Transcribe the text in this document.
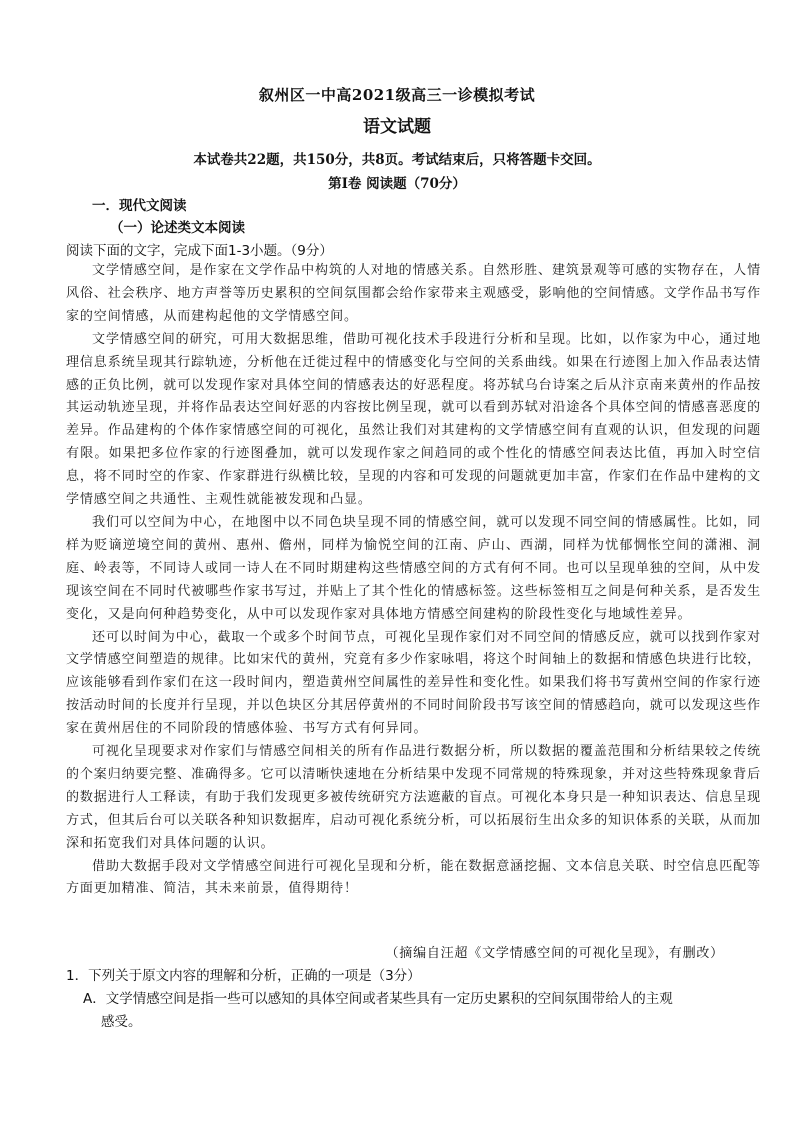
叙州区一中高2021级高三一诊模拟考试
语文试题

本试卷共22题，共150分，共8页。考试结束后，只将答题卡交回。

第Ⅰ卷 阅读题（70分）

一．现代文阅读

（一）论述类文本阅读

阅读下面的文字，完成下面1-3小题。（9分）

文学情感空间，是作家在文学作品中构筑的人对地的情感关系。自然形胜、建筑景观等可感的实物存在，人情风俗、社会秩序、地方声誉等历史累积的空间氛围都会给作家带来主观感受，影响他的空间情感。文学作品书写作家的空间情感，从而建构起他的文学情感空间。

文学情感空间的研究，可用大数据思维，借助可视化技术手段进行分析和呈现。比如，以作家为中心，通过地理信息系统呈现其行踪轨迹，分析他在迁徙过程中的情感变化与空间的关系曲线。如果在行迹图上加入作品表达情感的正负比例，就可以发现作家对具体空间的情感表达的好恶程度。将苏轼乌台诗案之后从汴京南来黄州的作品按其运动轨迹呈现，并将作品表达空间好恶的内容按比例呈现，就可以看到苏轼对沿途各个具体空间的情感喜恶度的差异。作品建构的个体作家情感空间的可视化，虽然让我们对其建构的文学情感空间有直观的认识，但发现的问题有限。如果把多位作家的行迹图叠加，就可以发现作家之间趋同的或个性化的情感空间表达比值，再加入时空信息，将不同时空的作家、作家群进行纵横比较，呈现的内容和可发现的问题就更加丰富，作家们在作品中建构的文学情感空间之共通性、主观性就能被发现和凸显。

我们可以空间为中心，在地图中以不同色块呈现不同的情感空间，就可以发现不同空间的情感属性。比如，同样为贬谪逆境空间的黄州、惠州、儋州，同样为愉悦空间的江南、庐山、西湖，同样为忧郁惆怅空间的潇湘、洞庭、岭表等，不同诗人或同一诗人在不同时期建构这些情感空间的方式有何不同。也可以呈现单独的空间，从中发现该空间在不同时代被哪些作家书写过，并贴上了其个性化的情感标签。这些标签相互之间是何种关系，是否发生变化，又是向何种趋势变化，从中可以发现作家对具体地方情感空间建构的阶段性变化与地域性差异。

还可以时间为中心，截取一个或多个时间节点，可视化呈现作家们对不同空间的情感反应，就可以找到作家对文学情感空间塑造的规律。比如宋代的黄州，究竟有多少作家咏唱，将这个时间轴上的数据和情感色块进行比较，应该能够看到作家们在这一段时间内，塑造黄州空间属性的差异性和变化性。如果我们将书写黄州空间的作家行迹按活动时间的长度并行呈现，并以色块区分其居停黄州的不同时间阶段书写该空间的情感趋向，就可以发现这些作家在黄州居住的不同阶段的情感体验、书写方式有何异同。

可视化呈现要求对作家们与情感空间相关的所有作品进行数据分析，所以数据的覆盖范围和分析结果较之传统的个案归纳要完整、准确得多。它可以清晰快速地在分析结果中发现不同常规的特殊现象，并对这些特殊现象背后的数据进行人工释读，有助于我们发现更多被传统研究方法遮蔽的盲点。可视化本身只是一种知识表达、信息呈现方式，但其后台可以关联各种知识数据库，启动可视化系统分析，可以拓展衍生出众多的知识体系的关联，从而加深和拓宽我们对具体问题的认识。

借助大数据手段对文学情感空间进行可视化呈现和分析，能在数据意涵挖掘、文本信息关联、时空信息匹配等方面更加精准、简洁，其未来前景，值得期待！

（摘编自汪超《文学情感空间的可视化呈现》，有删改）

1．下列关于原文内容的理解和分析，正确的一项是（3分）

A．文学情感空间是指一些可以感知的具体空间或者某些具有一定历史累积的空间氛围带给人的主观
感受。
